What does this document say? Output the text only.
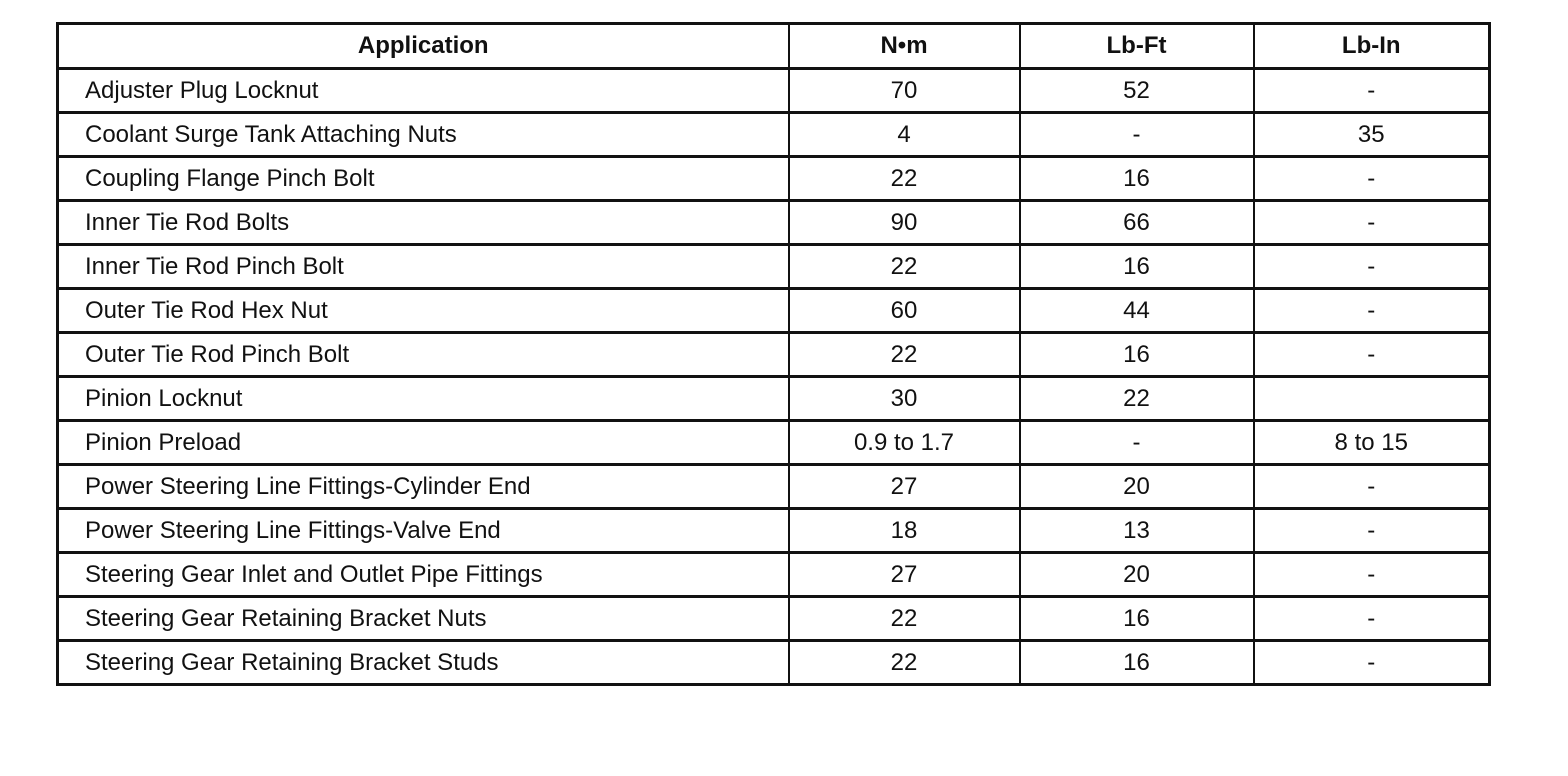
Application	N•m	Lb-Ft	Lb-In
Adjuster Plug Locknut	70	52	-
Coolant Surge Tank Attaching Nuts	4	-	35
Coupling Flange Pinch Bolt	22	16	-
Inner Tie Rod Bolts	90	66	-
Inner Tie Rod Pinch Bolt	22	16	-
Outer Tie Rod Hex Nut	60	44	-
Outer Tie Rod Pinch Bolt	22	16	-
Pinion Locknut	30	22	
Pinion Preload	0.9 to 1.7	-	8 to 15
Power Steering Line Fittings-Cylinder End	27	20	-
Power Steering Line Fittings-Valve End	18	13	-
Steering Gear Inlet and Outlet Pipe Fittings	27	20	-
Steering Gear Retaining Bracket Nuts	22	16	-
Steering Gear Retaining Bracket Studs	22	16	-
